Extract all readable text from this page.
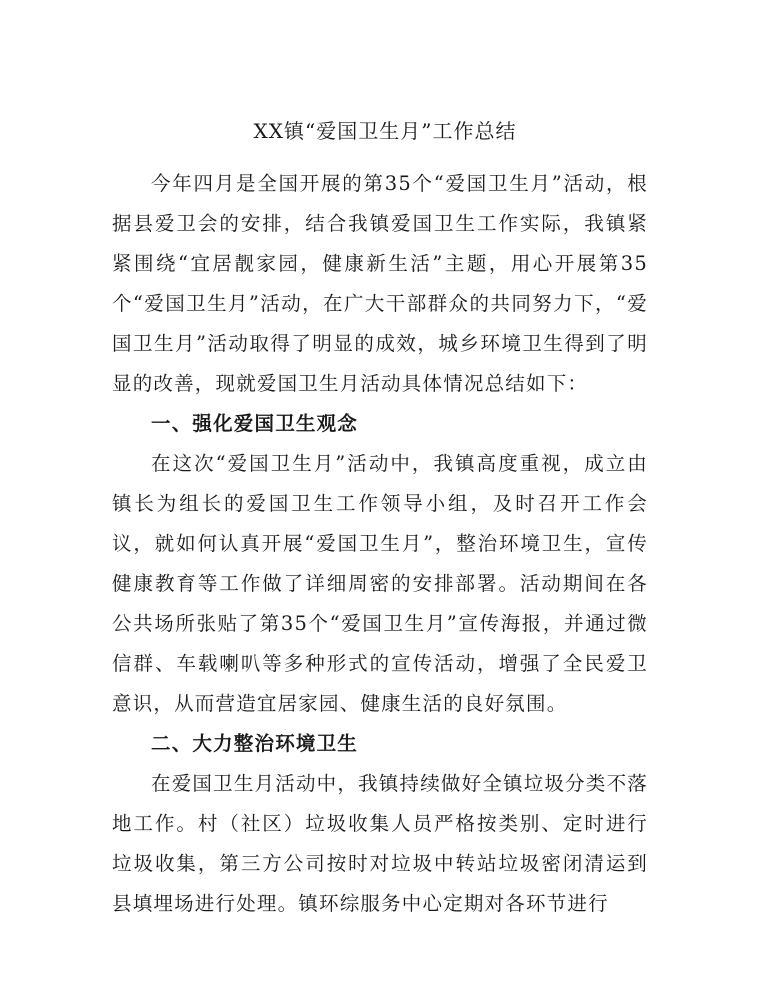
XX镇“爱国卫生月”工作总结

今年四月是全国开展的第35个“爱国卫生月”活动，根据县爱卫会的安排，结合我镇爱国卫生工作实际，我镇紧紧围绕“宜居靓家园，健康新生活”主题，用心开展第35个“爱国卫生月”活动，在广大干部群众的共同努力下，“爱国卫生月”活动取得了明显的成效，城乡环境卫生得到了明显的改善，现就爱国卫生月活动具体情况总结如下：

一、强化爱国卫生观念

在这次“爱国卫生月”活动中，我镇高度重视，成立由镇长为组长的爱国卫生工作领导小组，及时召开工作会议，就如何认真开展“爱国卫生月”，整治环境卫生，宣传健康教育等工作做了详细周密的安排部署。活动期间在各公共场所张贴了第35个“爱国卫生月”宣传海报，并通过微信群、车载喇叭等多种形式的宣传活动，增强了全民爱卫意识，从而营造宜居家园、健康生活的良好氛围。

二、大力整治环境卫生

在爱国卫生月活动中，我镇持续做好全镇垃圾分类不落地工作。村（社区）垃圾收集人员严格按类别、定时进行垃圾收集，第三方公司按时对垃圾中转站垃圾密闭清运到县填埋场进行处理。镇环综服务中心定期对各环节进行
